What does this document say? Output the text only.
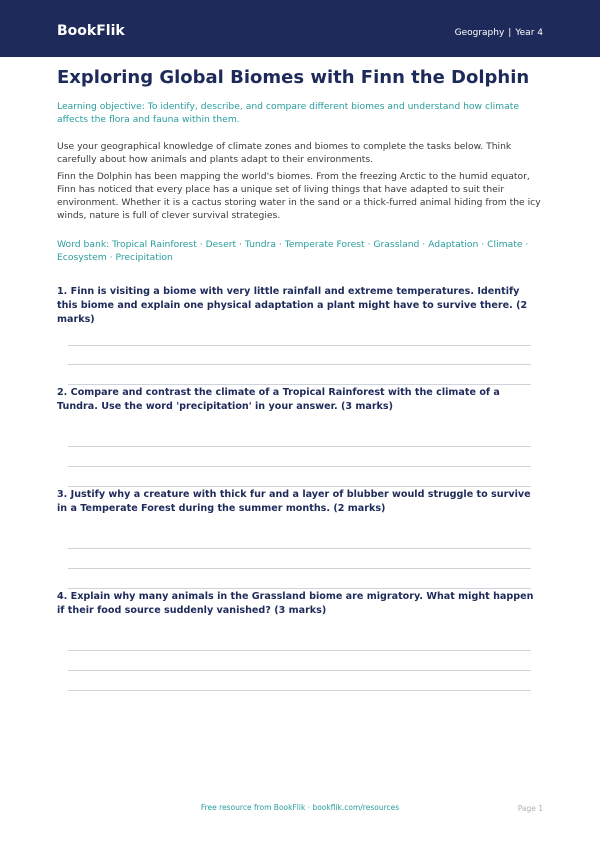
BookFlik	Geography | Year 4
Exploring Global Biomes with Finn the Dolphin
Learning objective: To identify, describe, and compare different biomes and understand how climate affects the flora and fauna within them.
Use your geographical knowledge of climate zones and biomes to complete the tasks below. Think carefully about how animals and plants adapt to their environments.
Finn the Dolphin has been mapping the world's biomes. From the freezing Arctic to the humid equator, Finn has noticed that every place has a unique set of living things that have adapted to suit their environment. Whether it is a cactus storing water in the sand or a thick-furred animal hiding from the icy winds, nature is full of clever survival strategies.
Word bank: Tropical Rainforest · Desert · Tundra · Temperate Forest · Grassland · Adaptation · Climate · Ecosystem · Precipitation
1. Finn is visiting a biome with very little rainfall and extreme temperatures. Identify this biome and explain one physical adaptation a plant might have to survive there. (2 marks)
2. Compare and contrast the climate of a Tropical Rainforest with the climate of a Tundra. Use the word 'precipitation' in your answer. (3 marks)
3. Justify why a creature with thick fur and a layer of blubber would struggle to survive in a Temperate Forest during the summer months. (2 marks)
4. Explain why many animals in the Grassland biome are migratory. What might happen if their food source suddenly vanished? (3 marks)
Free resource from BookFlik · bookflik.com/resources	Page 1
